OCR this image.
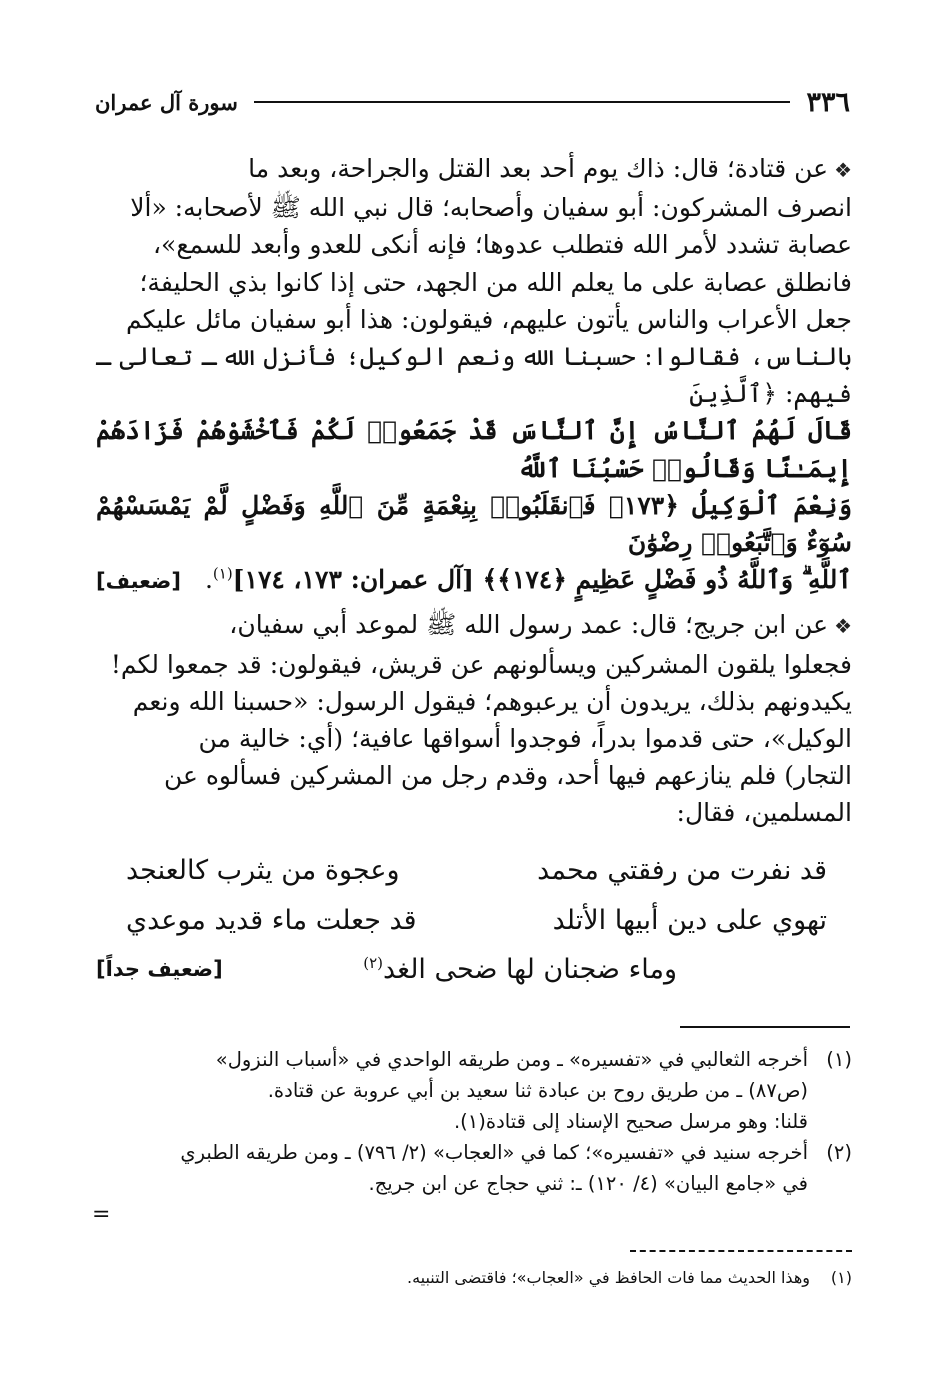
٣٣٦
سورة آل عمران

❖عن قتادة؛ قال: ذاك يوم أحد بعد القتل والجراحة، وبعد ما

انصرف المشركون: أبو سفيان وأصحابه؛ قال نبي الله ﷺ لأصحابه: «ألا

عصابة تشدد لأمر الله فتطلب عدوها؛ فإنه أنكى للعدو وأبعد للسمع»،

فانطلق عصابة على ما يعلم الله من الجهد، حتى إذا كانوا بذي الحليفة؛

جعل الأعراب والناس يأتون عليهم، فيقولون: هذا أبو سفيان مائل عليكم

بالناس، فقالوا: حسبنا الله ونعم الوكيل؛ فأنزل الله ـ تعالى ـ فيهم: ﴿ٱلَّذِينَ

قَالَ لَهُمُ ٱلنَّاسُ إِنَّ ٱلنَّاسَ قَدْ جَمَعُوا۟ لَكُمْ فَٱخْشَوْهُمْ فَزَادَهُمْ إِيمَـٰنًا وَقَالُوا۟ حَسْبُنَا ٱللَّهُ

وَنِعْمَ ٱلْوَكِيلُ ﴿١٧٣﴾ فَٱنقَلَبُوا۟ بِنِعْمَةٍ مِّنَ ٱللَّهِ وَفَضْلٍ لَّمْ يَمْسَسْهُمْ سُوٓءٌ وَٱتَّبَعُوا۟ رِضْوَٰنَ

ٱللَّهِ ۗ وَٱللَّهُ ذُو فَضْلٍ عَظِيمٍ ﴿١٧٤﴾﴾ [آل عمران: ١٧٣، ١٧٤]$^{(١)}$.
[ضعيف]

❖عن ابن جريج؛ قال: عمد رسول الله ﷺ لموعد أبي سفيان،

فجعلوا يلقون المشركين ويسألونهم عن قريش، فيقولون: قد جمعوا لكم!

يكيدونهم بذلك، يريدون أن يرعبوهم؛ فيقول الرسول: «حسبنا الله ونعم

الوكيل»، حتى قدموا بدراً، فوجدوا أسواقها عافية؛ (أي: خالية من

التجار) فلم ينازعهم فيها أحد، وقدم رجل من المشركين فسألوه عن

المسلمين، فقال:

قد نفرت من رفقتي محمد
وعجوة من يثرب كالعنجد
تهوي على دين أبيها الأتلد
قد جعلت ماء قديد موعدي
وماء ضجنان لها ضحى الغد$^{(٢)}$
[ضعيف جداً]
(١)
أخرجه الثعالبي في «تفسيره» ـ ومن طريقه الواحدي في «أسباب النزول»
(ص٨٧) ـ من طريق روح بن عبادة ثنا سعيد بن أبي عروبة عن قتادة.
قلنا: وهو مرسل صحيح الإسناد إلى قتادة(١).
(٢)
أخرجه سنيد في «تفسيره»؛ كما في «العجاب» (٢/ ٧٩٦) ـ ومن طريقه الطبري
في «جامع البيان» (٤/ ١٢٠) ـ: ثني حجاج عن ابن جريج.
=
(١)
وهذا الحديث مما فات الحافظ في «العجاب»؛ فاقتضى التنبيه.
